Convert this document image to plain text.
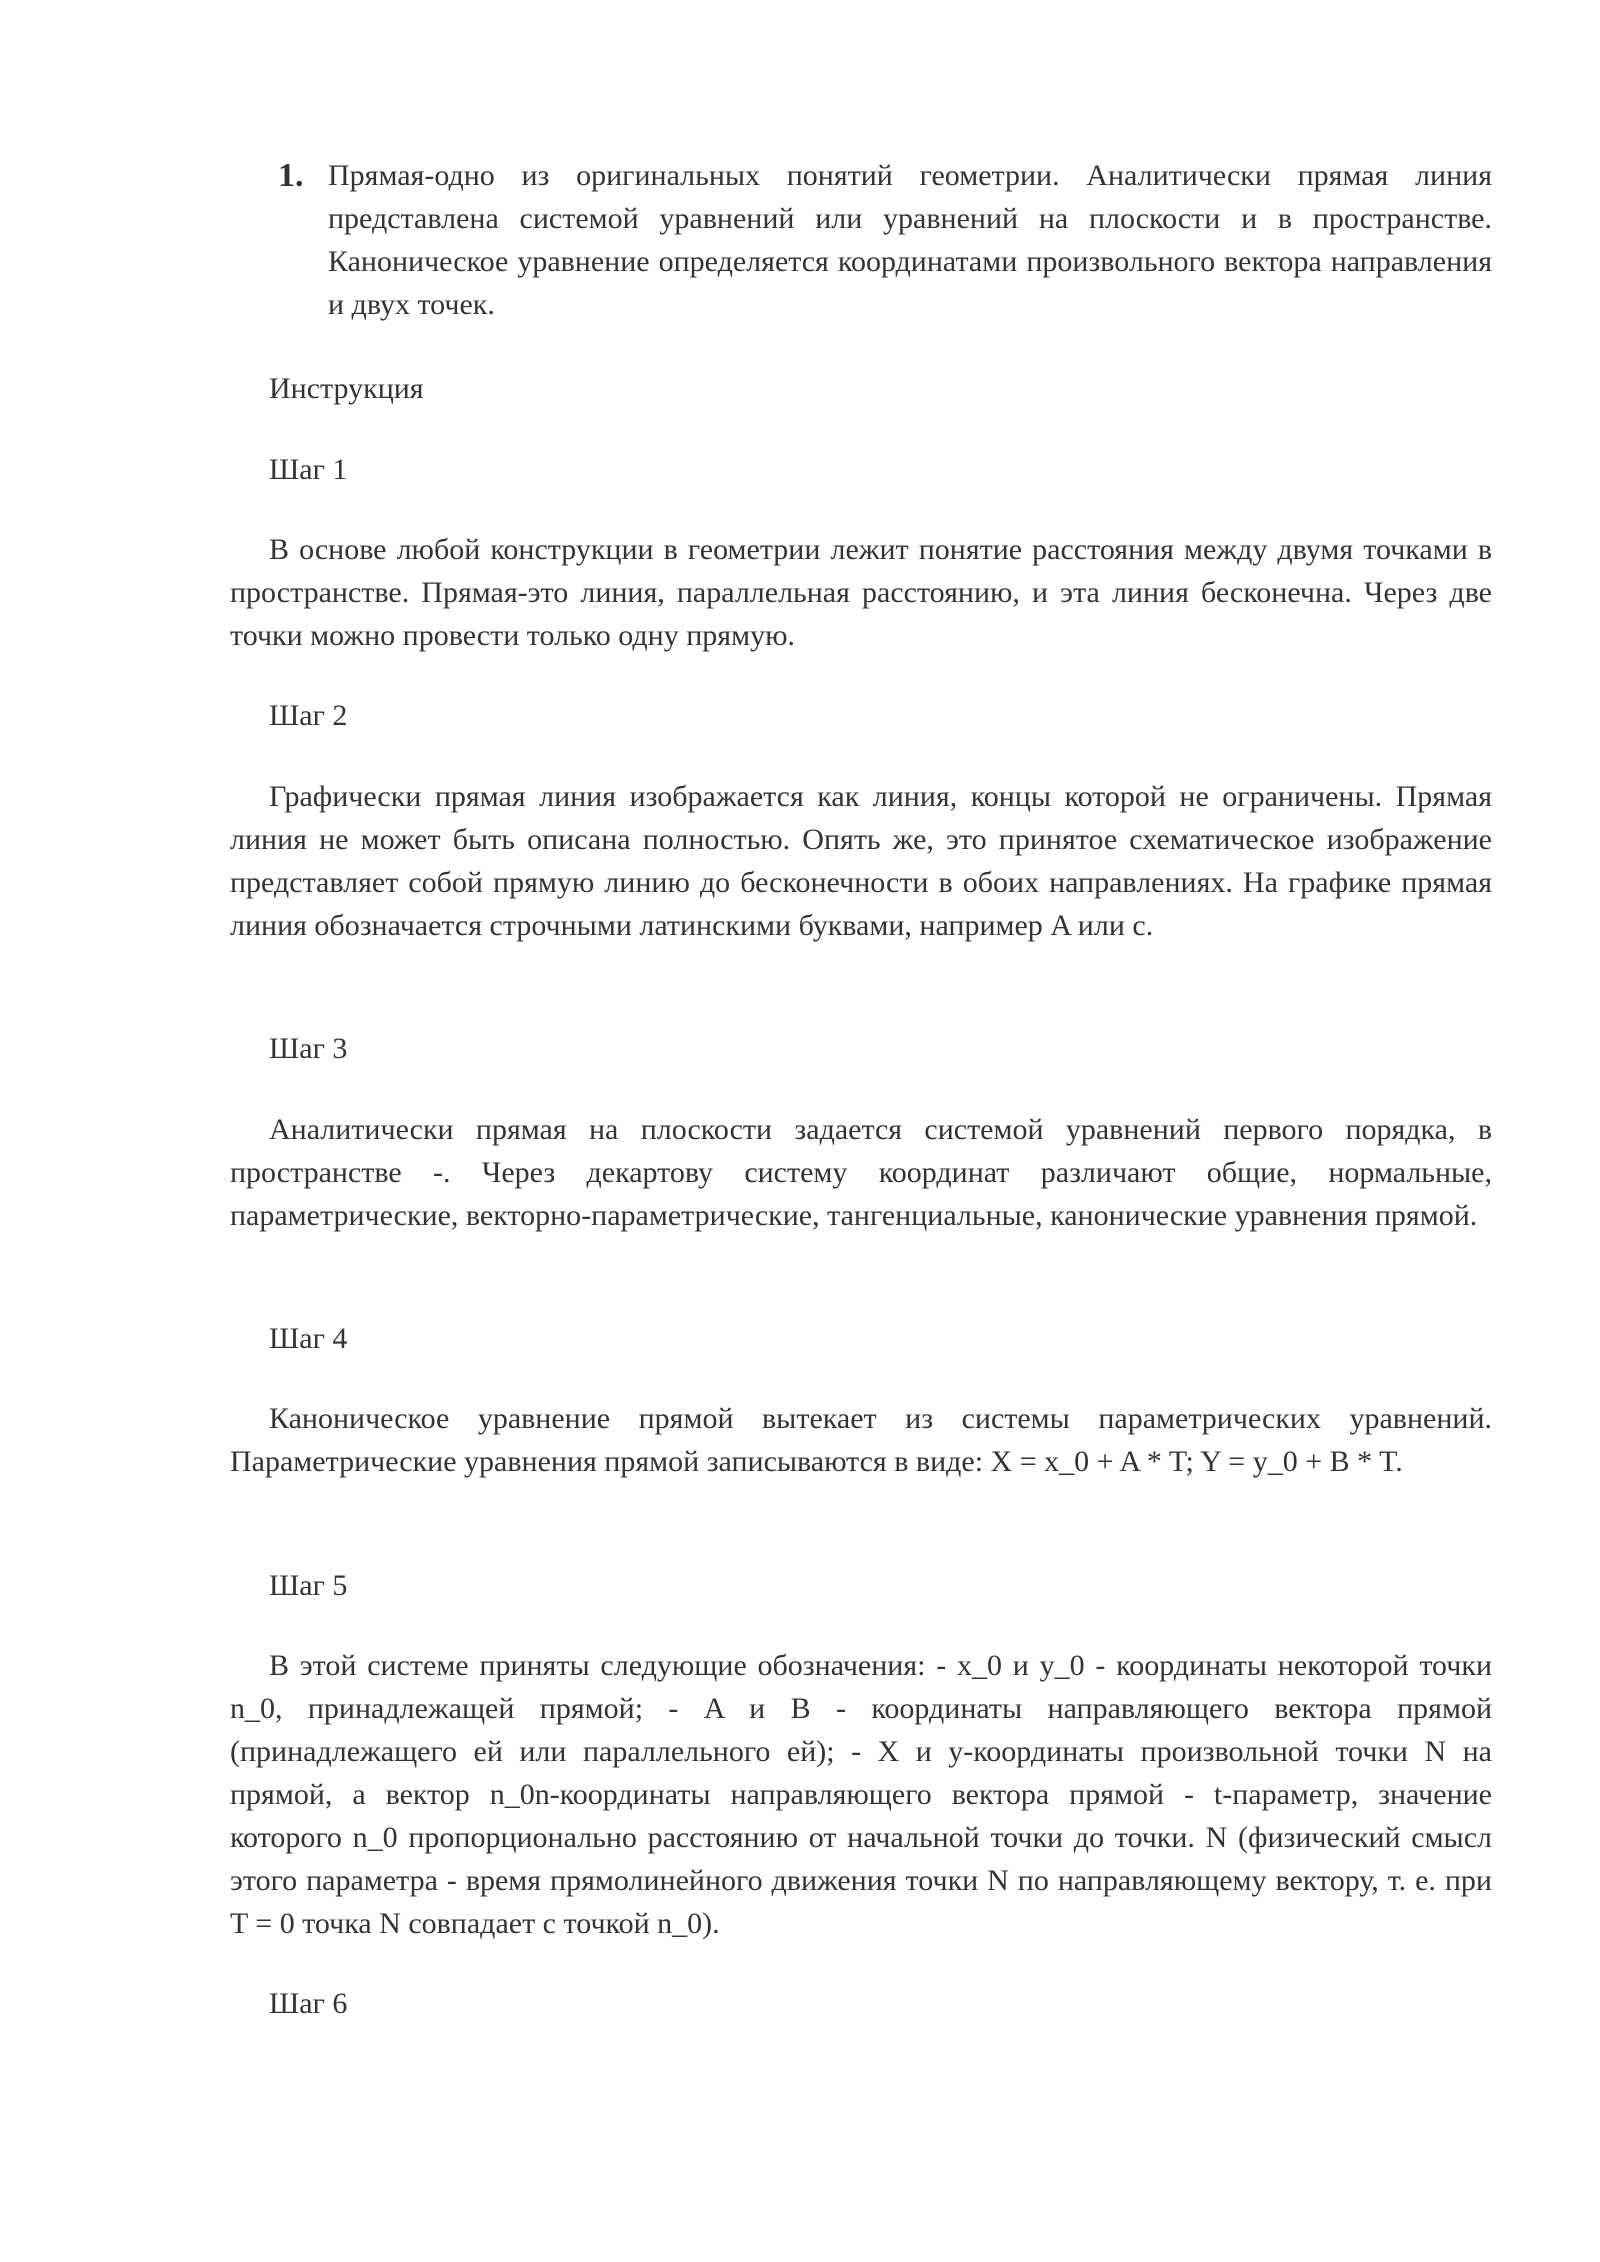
1. Прямая-одно из оригинальных понятий геометрии. Аналитически прямая линия представлена системой уравнений или уравнений на плоскости и в пространстве. Каноническое уравнение определяется координатами произвольного вектора направления и двух точек.

Инструкция

Шаг 1

В основе любой конструкции в геометрии лежит понятие расстояния между двумя точками в пространстве. Прямая-это линия, параллельная расстоянию, и эта линия бесконечна. Через две точки можно провести только одну прямую.

Шаг 2

Графически прямая линия изображается как линия, концы которой не ограничены. Прямая линия не может быть описана полностью. Опять же, это принятое схематическое изображение представляет собой прямую линию до бесконечности в обоих направлениях. На графике прямая линия обозначается строчными латинскими буквами, например A или с.

Шаг 3

Аналитически прямая на плоскости задается системой уравнений первого порядка, в пространстве -. Через декартову систему координат различают общие, нормальные, параметрические, векторно-параметрические, тангенциальные, канонические уравнения прямой.

Шаг 4

Каноническое уравнение прямой вытекает из системы параметрических уравнений. Параметрические уравнения прямой записываются в виде: X = x_0 + A * T; Y = y_0 + B * T.

Шаг 5

В этой системе приняты следующие обозначения: - x_0 и y_0 - координаты некоторой точки n_0, принадлежащей прямой; - A и B - координаты направляющего вектора прямой (принадлежащего ей или параллельного ей); - X и y-координаты произвольной точки N на прямой, а вектор n_0n-координаты направляющего вектора прямой - t-параметр, значение которого n_0 пропорционально расстоянию от начальной точки до точки. N (физический смысл этого параметра - время прямолинейного движения точки N по направляющему вектору, т. е. при T = 0 точка N совпадает с точкой n_0).

Шаг 6
